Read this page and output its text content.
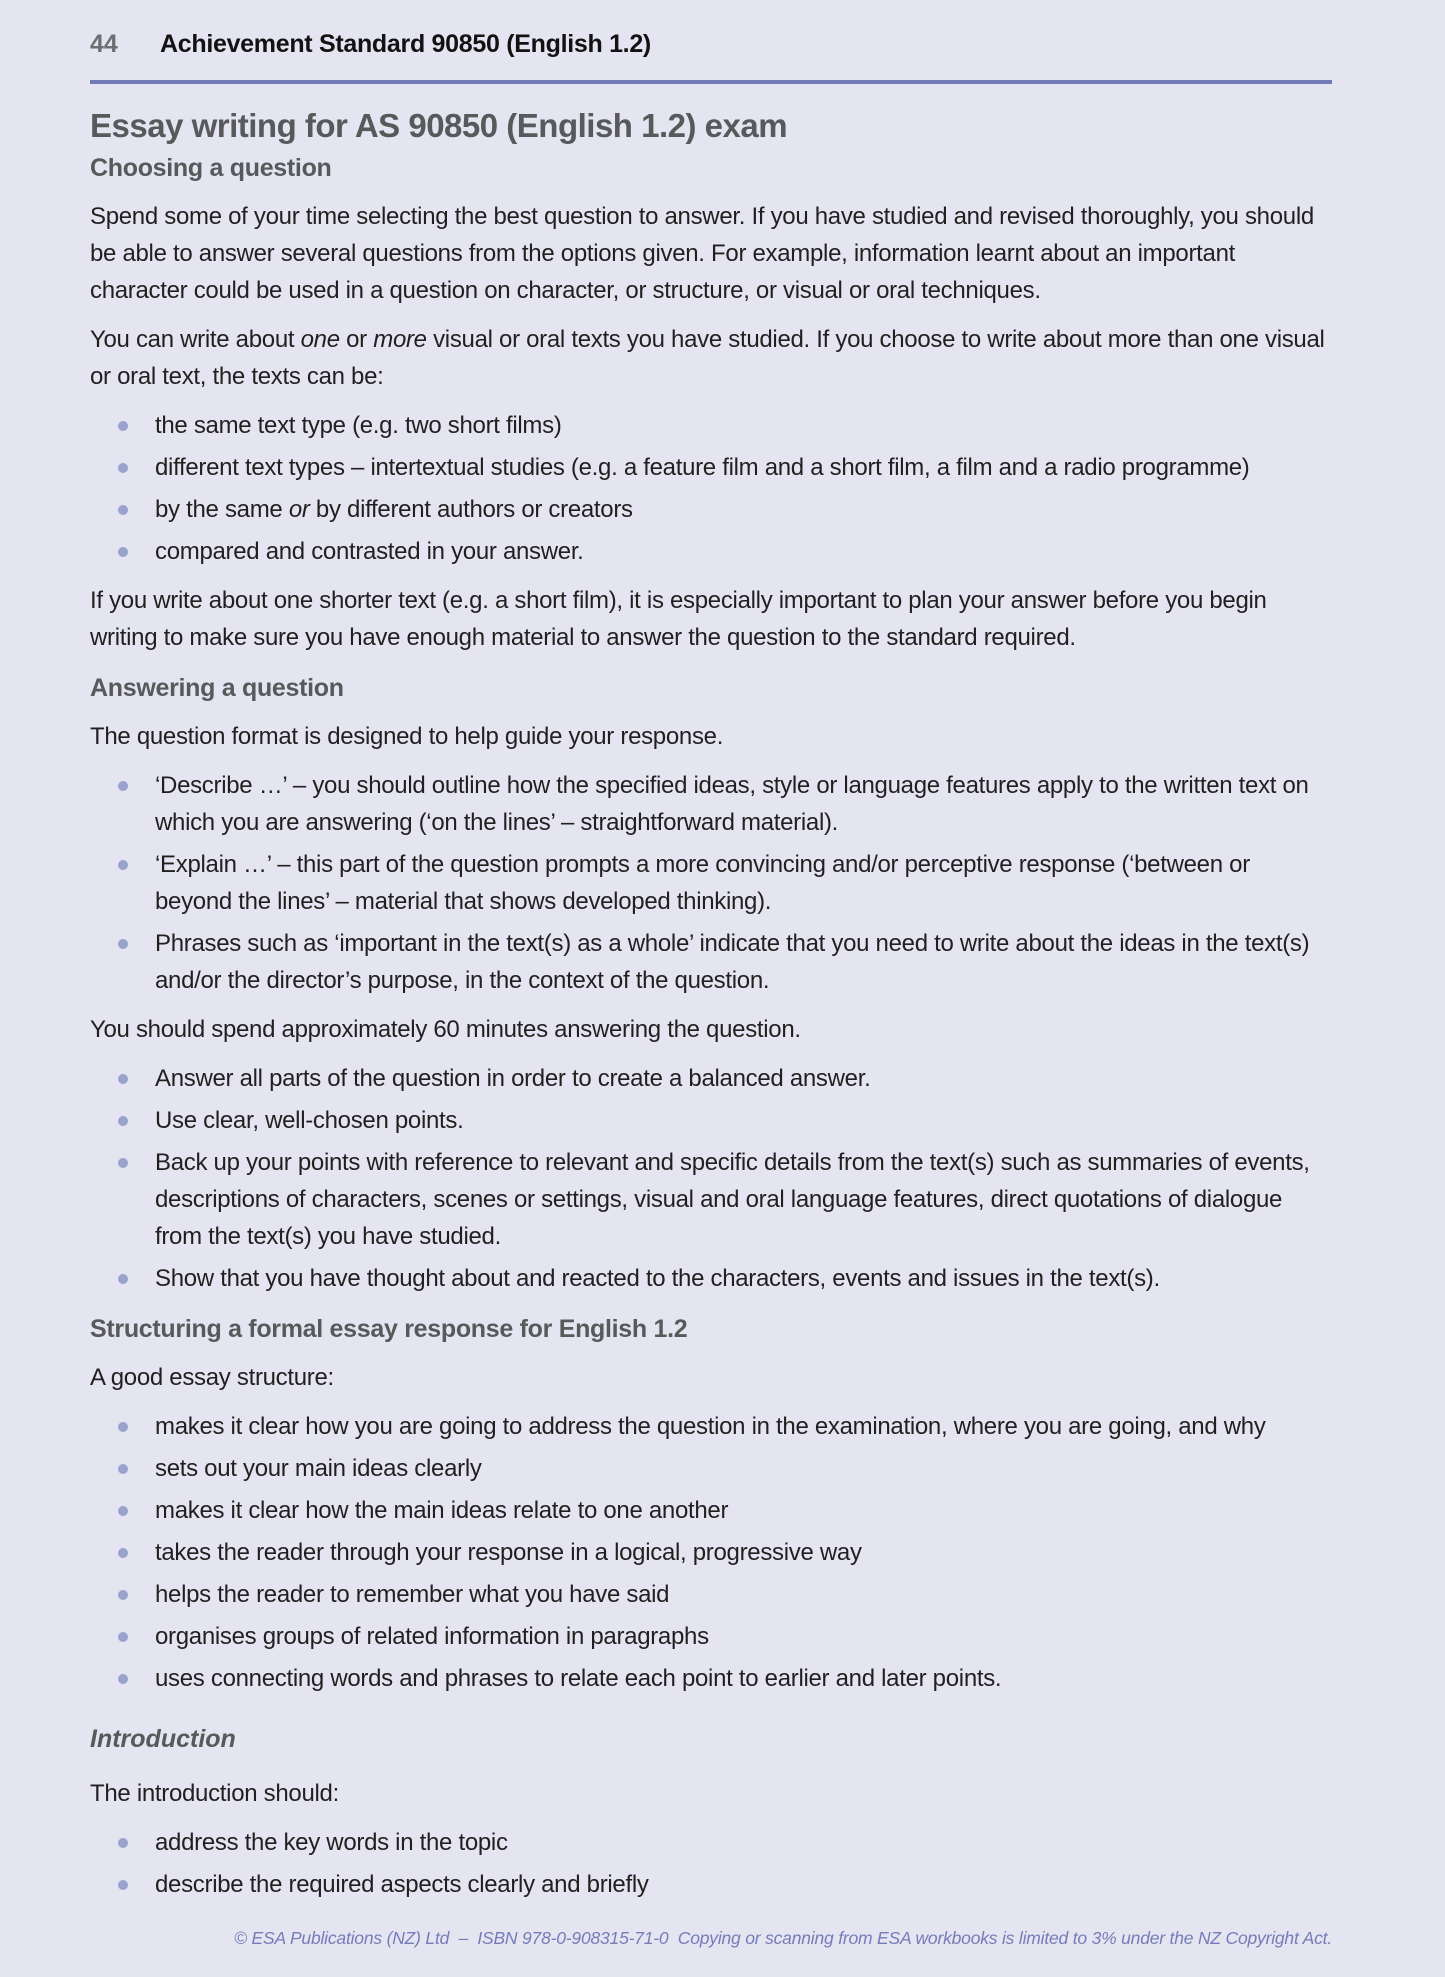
44	Achievement Standard 90850 (English 1.2)
Essay writing for AS 90850 (English 1.2) exam
Choosing a question

Spend some of your time selecting the best question to answer. If you have studied and revised thoroughly, you should be able to answer several questions from the options given. For example, information learnt about an important character could be used in a question on character, or structure, or visual or oral techniques.

You can write about one or more visual or oral texts you have studied. If you choose to write about more than one visual or oral text, the texts can be:

the same text type (e.g. two short films)
different text types – intertextual studies (e.g. a feature film and a short film, a film and a radio programme)
by the same or by different authors or creators
compared and contrasted in your answer.

If you write about one shorter text (e.g. a short film), it is especially important to plan your answer before you begin writing to make sure you have enough material to answer the question to the standard required.

Answering a question

The question format is designed to help guide your response.

‘Describe …’ – you should outline how the specified ideas, style or language features apply to the written text on which you are answering (‘on the lines’ – straightforward material).
‘Explain …’ – this part of the question prompts a more convincing and/or perceptive response (‘between or beyond the lines’ – material that shows developed thinking).
Phrases such as ‘important in the text(s) as a whole’ indicate that you need to write about the ideas in the text(s) and/or the director’s purpose, in the context of the question.

You should spend approximately 60 minutes answering the question.

Answer all parts of the question in order to create a balanced answer.
Use clear, well-chosen points.
Back up your points with reference to relevant and specific details from the text(s) such as summaries of events, descriptions of characters, scenes or settings, visual and oral language features, direct quotations of dialogue from the text(s) you have studied.
Show that you have thought about and reacted to the characters, events and issues in the text(s).
Structuring a formal essay response for English 1.2

A good essay structure:

makes it clear how you are going to address the question in the examination, where you are going, and why
sets out your main ideas clearly
makes it clear how the main ideas relate to one another
takes the reader through your response in a logical, progressive way
helps the reader to remember what you have said
organises groups of related information in paragraphs
uses connecting words and phrases to relate each point to earlier and later points.
Introduction

The introduction should:

address the key words in the topic
describe the required aspects clearly and briefly
© ESA Publications (NZ) Ltd  –  ISBN 978-0-908315-71-0  Copying or scanning from ESA workbooks is limited to 3% under the NZ Copyright Act.
